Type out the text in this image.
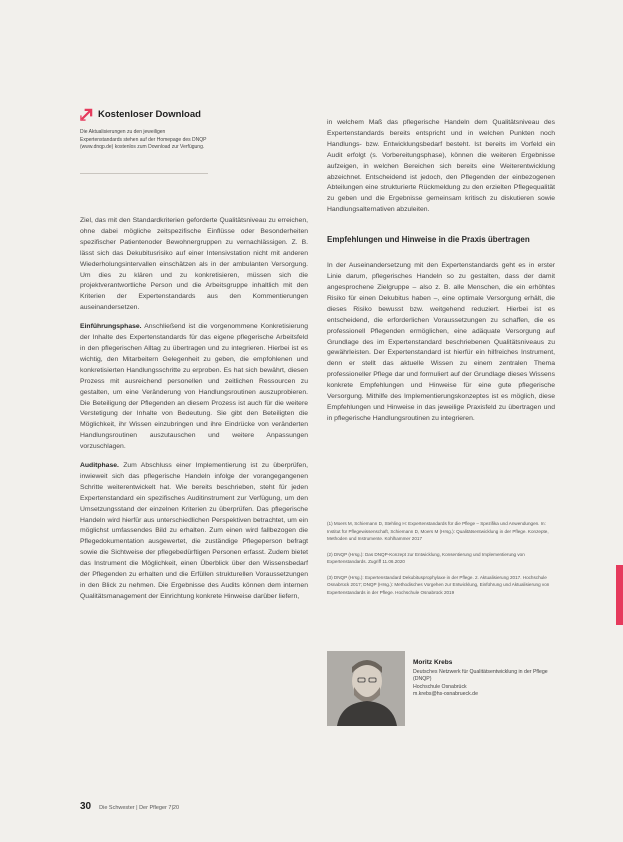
Kostenloser Download
Die Aktualisierungen zu den jeweiligen Expertenstandards stehen auf der Homepage des DNQP (www.dnqp.de) kostenlos zum Download zur Verfügung.

Ziel, das mit den Standardkriterien geforderte Qualitätsniveau zu erreichen, ohne dabei mögliche zeitspezifische Einflüsse oder Besonderheiten spezifischer Patientenoder Bewohnergruppen zu vernachlässigen. Z. B. lässt sich das Dekubitusrisiko auf einer Intensivstation nicht mit anderen Wiederholungsintervallen einschätzen als in der ambulanten Versorgung. Um dies zu klären und zu konkretisieren, müssen sich die projektverantwortliche Person und die Arbeitsgruppe inhaltlich mit den Kriterien der Expertenstandards aus den Kommentierungen auseinandersetzen.

Einführungsphase. Anschließend ist die vorgenommene Konkretisierung der Inhalte des Expertenstandards für das eigene pflegerische Arbeitsfeld in den pflegerischen Alltag zu übertragen und zu integrieren. Hierbei ist es wichtig, den Mitarbeitern Gelegenheit zu geben, die empfohlenen und konkretisierten Handlungsschritte zu erproben. Es hat sich bewährt, diesen Prozess mit ausreichend personellen und zeitlichen Ressourcen zu gestalten, um eine Veränderung von Handlungsroutinen auszuprobieren. Die Beteiligung der Pflegenden an diesem Prozess ist auch für die weitere Verstetigung der Inhalte von Bedeutung. Sie gibt den Beteiligten die Möglichkeit, ihr Wissen einzubringen und ihre Eindrücke von veränderten Handlungsroutinen auszutauschen und weitere Anpassungen vorzuschlagen.

Auditphase. Zum Abschluss einer Implementierung ist zu überprüfen, inwieweit sich das pflegerische Handeln infolge der vorangegangenen Schritte weiterentwickelt hat. Wie bereits beschrieben, steht für jeden Expertenstandard ein spezifisches Auditinstrument zur Verfügung, um den Umsetzungsstand der einzelnen Kriterien zu überprüfen. Das pflegerische Handeln wird hierfür aus unterschiedlichen Perspektiven betrachtet, um ein möglichst umfassendes Bild zu erhalten. Zum einen wird fallbezogen die Pflegedokumentation ausgewertet, die zuständige Pflegeperson befragt sowie die Sichtweise der pflegebedürftigen Personen erfasst. Zudem bietet das Instrument die Möglichkeit, einen Überblick über den Wissensbedarf der Pflegenden zu erhalten und die Erfüllen strukturellen Voraussetzungen in den Blick zu nehmen. Die Ergebnisse des Audits können dem internen Qualitätsmanagement der Einrichtung konkrete Hinweise darüber liefern,

in welchem Maß das pflegerische Handeln dem Qualitätsniveau des Expertenstandards bereits entspricht und in welchen Punkten noch Handlungs- bzw. Entwicklungsbedarf besteht. Ist bereits im Vorfeld ein Audit erfolgt (s. Vorbereitungsphase), können die weiteren Ergebnisse aufzeigen, in welchen Bereichen sich bereits eine Weiterentwicklung abzeichnet. Entscheidend ist jedoch, den Pflegenden der einbezogenen Abteilungen eine strukturierte Rückmeldung zu den erzielten Pflegequalität zu geben und die Ergebnisse gemeinsam kritisch zu diskutieren sowie Handlungsalternativen abzuleiten.

Empfehlungen und Hinweise in die Praxis übertragen

In der Auseinandersetzung mit den Expertenstandards geht es in erster Linie darum, pflegerisches Handeln so zu gestalten, dass der damit angesprochene Zielgruppe – also z. B. alle Menschen, die ein erhöhtes Risiko für einen Dekubitus haben –, eine optimale Versorgung erhält, die dieses Risiko bewusst bzw. weitgehend reduziert. Hierbei ist es entscheidend, die erforderlichen Voraussetzungen zu schaffen, die es professionell Pflegenden ermöglichen, eine adäquate Versorgung auf Grundlage des im Expertenstandard beschriebenen Qualitätsniveaus zu gewährleisten. Der Expertenstandard ist hierfür ein hilfreiches Instrument, denn er stellt das aktuelle Wissen zu einem zentralen Thema professioneller Pflege dar und formuliert auf der Grundlage dieses Wissens konkrete Empfehlungen und Hinweise für eine gute pflegerische Versorgung. Mithilfe des Implementierungskonzeptes ist es möglich, diese Empfehlungen und Hinweise in das jeweilige Praxisfeld zu übertragen und in pflegerische Handlungsroutinen zu integrieren.

(1) Moers M, Schiemann D, Stehling H: Expertenstandards für die Pflege – Spezifika und Anwendungen. In: Institut für Pflegewissenschaft, Schiemann D, Moers M (Hrsg.): Qualitätsentwicklung in der Pflege. Konzepte, Methoden und Instrumente. Kohlhammer 2017
(2) DNQP (Hrsg.): Das DNQP-Konzept zur Entwicklung, Konsentierung und Implementierung von Expertenstandards. Zugriff 11.06.2020
(3) DNQP (Hrsg.): Expertenstandard Dekubitusprophylaxe in der Pflege. 2. Aktualisierung 2017. Hochschule Osnabrück 2017; DNQP (Hrsg.): Methodisches Vorgehen zur Entwicklung, Einführung und Aktualisierung von Expertenstandards in der Pflege. Hochschule Osnabrück 2019
Moritz Krebs
Deutsches Netzwerk für Qualitätsentwicklung in der Pflege (DNQP)
Hochschule Osnabrück
m.krebs@hs-osnabrueck.de
30 Die Schwester | Der Pfleger 7|20
